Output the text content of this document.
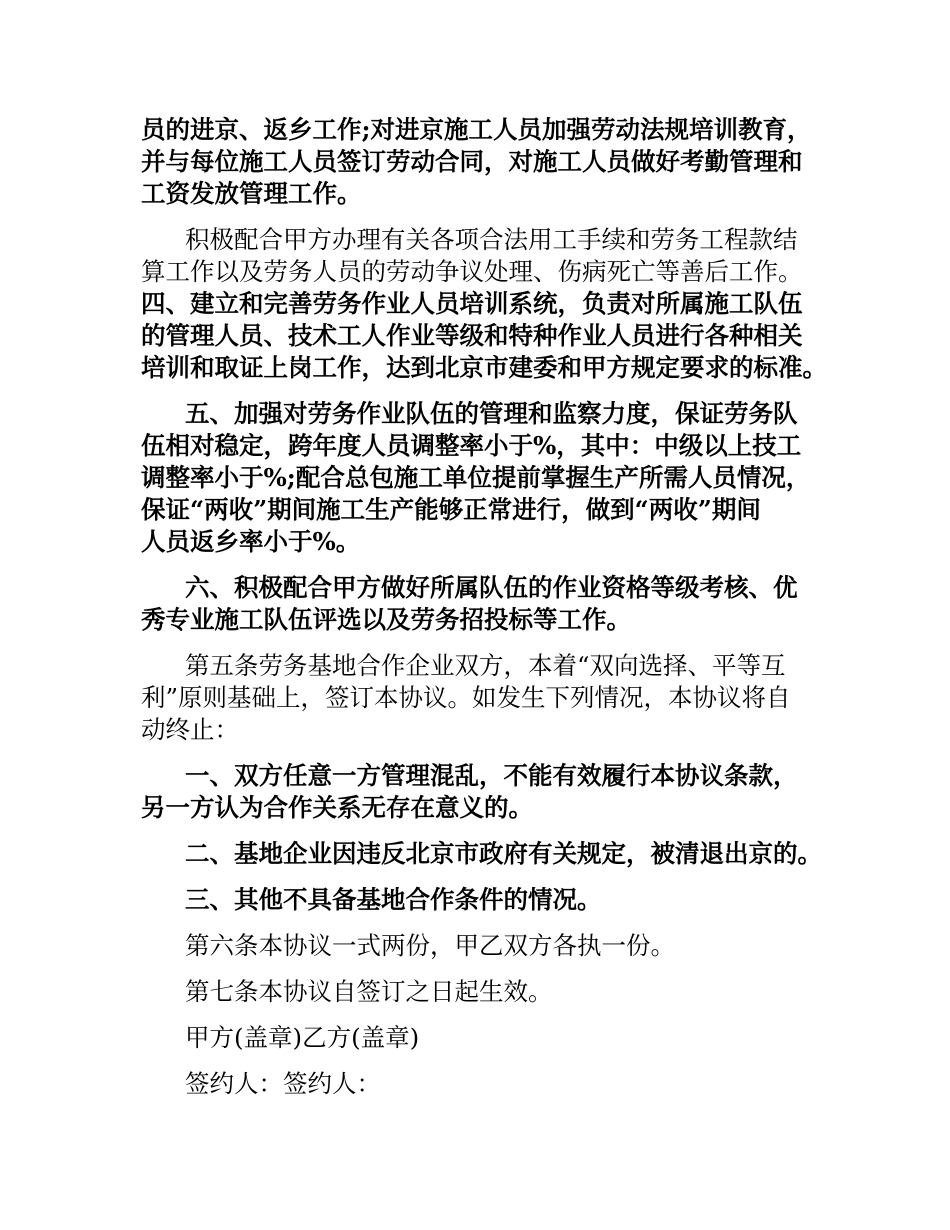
员的进京、返乡工作;对进京施工人员加强劳动法规培训教育，
并与每位施工人员签订劳动合同，对施工人员做好考勤管理和
工资发放管理工作。
积极配合甲方办理有关各项合法用工手续和劳务工程款结
算工作以及劳务人员的劳动争议处理、伤病死亡等善后工作。
四、建立和完善劳务作业人员培训系统，负责对所属施工队伍
的管理人员、技术工人作业等级和特种作业人员进行各种相关
培训和取证上岗工作，达到北京市建委和甲方规定要求的标准。
五、加强对劳务作业队伍的管理和监察力度，保证劳务队
伍相对稳定，跨年度人员调整率小于%，其中：中级以上技工
调整率小于%;配合总包施工单位提前掌握生产所需人员情况，
保证“两收”期间施工生产能够正常进行，做到“两收”期间
人员返乡率小于%。
六、积极配合甲方做好所属队伍的作业资格等级考核、优
秀专业施工队伍评选以及劳务招投标等工作。
第五条劳务基地合作企业双方，本着“双向选择、平等互
利”原则基础上，签订本协议。如发生下列情况，本协议将自
动终止：
一、双方任意一方管理混乱，不能有效履行本协议条款，
另一方认为合作关系无存在意义的。
二、基地企业因违反北京市政府有关规定，被清退出京的。
三、其他不具备基地合作条件的情况。
第六条本协议一式两份，甲乙双方各执一份。
第七条本协议自签订之日起生效。
甲方(盖章)乙方(盖章)
签约人：签约人：
